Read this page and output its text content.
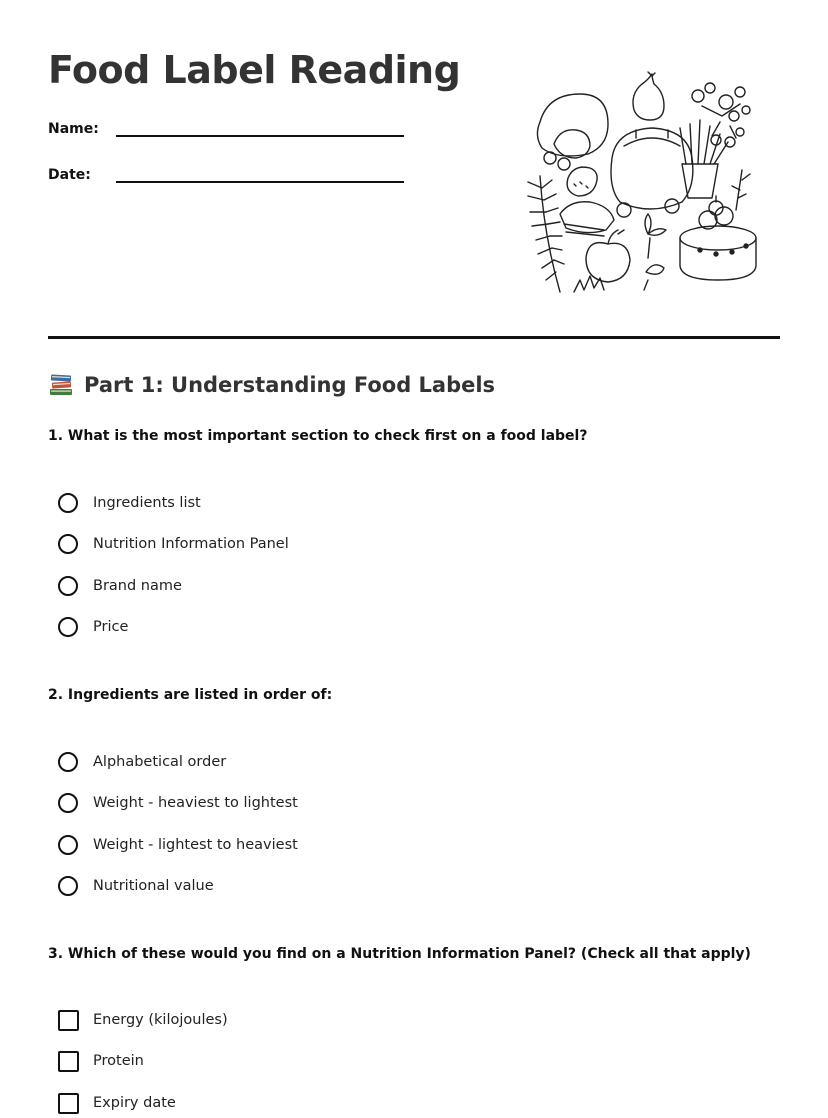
Food Label Reading
Name:
Date:
Part 1: Understanding Food Labels

1. What is the most important section to check first on a food label?

Ingredients list
Nutrition Information Panel
Brand name
Price

2. Ingredients are listed in order of:

Alphabetical order
Weight - heaviest to lightest
Weight - lightest to heaviest
Nutritional value

3. Which of these would you find on a Nutrition Information Panel? (Check all that apply)

Energy (kilojoules)
Protein
Expiry date
